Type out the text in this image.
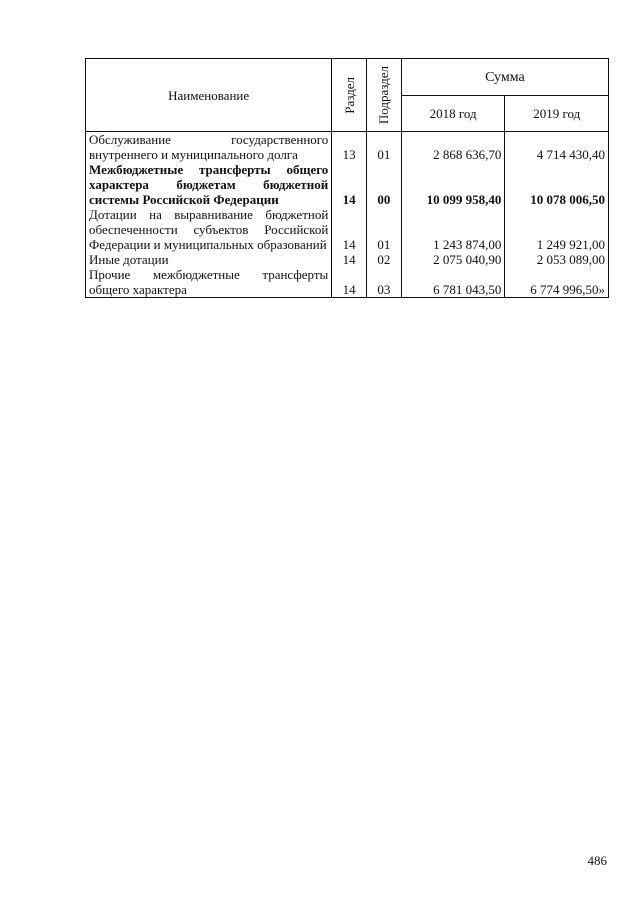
Наименование	Раздел	Подраздел	Сумма	
			2018 год	2019 год
Обслуживание государственного внутреннего и муниципального долга	13	01	2 868 636,70	4 714 430,40
Межбюджетные трансферты общего характера бюджетам бюджетной системы Российской Федерации	14	00	10 099 958,40	10 078 006,50
Дотации на выравнивание бюджетной обеспеченности субъектов Российской Федерации и муниципальных образований	14	01	1 243 874,00	1 249 921,00
Иные дотации	14	02	2 075 040,90	2 053 089,00
Прочие межбюджетные трансферты общего характера	14	03	6 781 043,50	6 774 996,50»
486
